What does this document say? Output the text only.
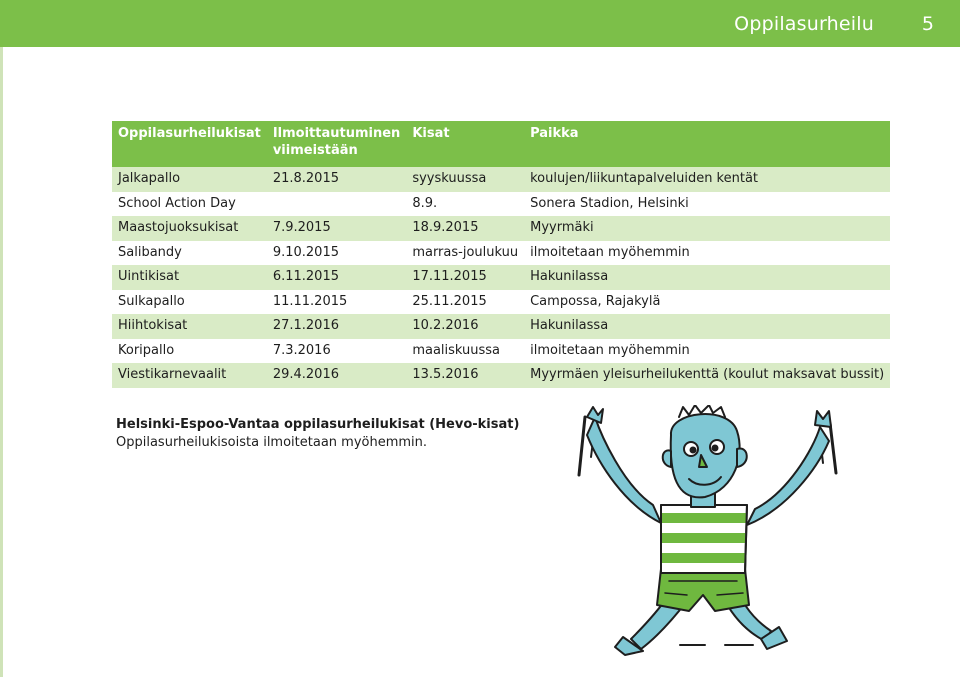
Oppilasurheilu	5
Oppilasurheilukisat	Ilmoittautuminen viimeistään	Kisat	Paikka
Jalkapallo	21.8.2015	syyskuussa	koulujen/liikuntapalveluiden kentät
School Action Day		8.9.	Sonera Stadion, Helsinki
Maastojuoksukisat	7.9.2015	18.9.2015	Myyrmäki
Salibandy	9.10.2015	marras-joulukuu	ilmoitetaan myöhemmin
Uintikisat	6.11.2015	17.11.2015	Hakunilassa
Sulkapallo	11.11.2015	25.11.2015	Campossa, Rajakylä
Hiihtokisat	27.1.2016	10.2.2016	Hakunilassa
Koripallo	7.3.2016	maaliskuussa	ilmoitetaan myöhemmin
Viestikarnevaalit	29.4.2016	13.5.2016	Myyrmäen yleisurheilukenttä (koulut maksavat bussit)
Helsinki-Espoo-Vantaa oppilasurheilukisat (Hevo-kisat)
Oppilasurheilukisoista ilmoitetaan myöhemmin.
